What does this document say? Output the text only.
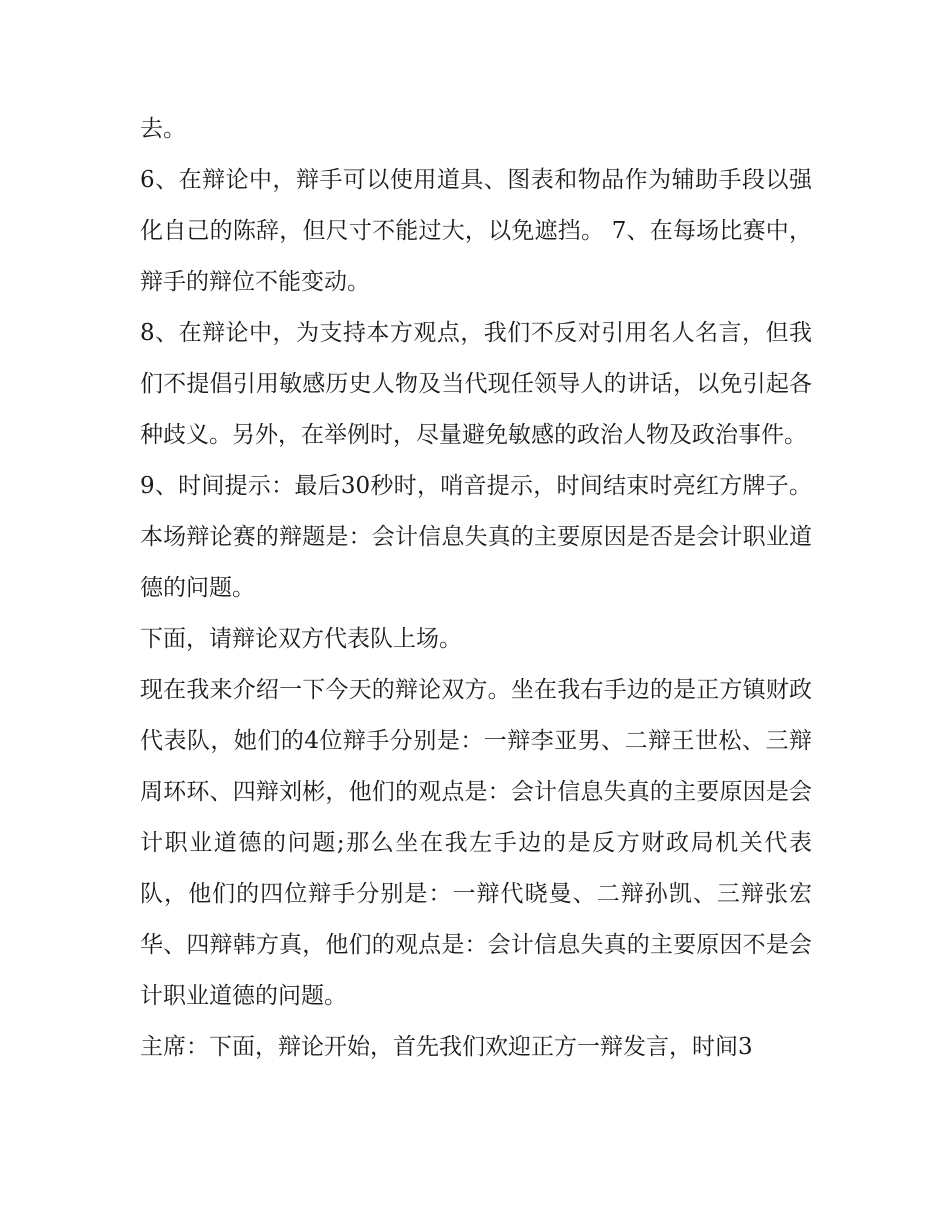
去。

6、在辩论中，辩手可以使用道具、图表和物品作为辅助手段以强化自己的陈辞，但尺寸不能过大，以免遮挡。 7、在每场比赛中，辩手的辩位不能变动。

8、在辩论中，为支持本方观点，我们不反对引用名人名言，但我们不提倡引用敏感历史人物及当代现任领导人的讲话，以免引起各种歧义。另外，在举例时，尽量避免敏感的政治人物及政治事件。

9、时间提示：最后30秒时，哨音提示，时间结束时亮红方牌子。 本场辩论赛的辩题是：会计信息失真的主要原因是否是会计职业道德的问题。

下面，请辩论双方代表队上场。

现在我来介绍一下今天的辩论双方。坐在我右手边的是正方镇财政代表队，她们的4位辩手分别是：一辩李亚男、二辩王世松、三辩周环环、四辩刘彬，他们的观点是：会计信息失真的主要原因是会计职业道德的问题;那么坐在我左手边的是反方财政局机关代表队，他们的四位辩手分别是：一辩代晓曼、二辩孙凯、三辩张宏华、四辩韩方真，他们的观点是：会计信息失真的主要原因不是会计职业道德的问题。

主席：下面，辩论开始，首先我们欢迎正方一辩发言，时间3
